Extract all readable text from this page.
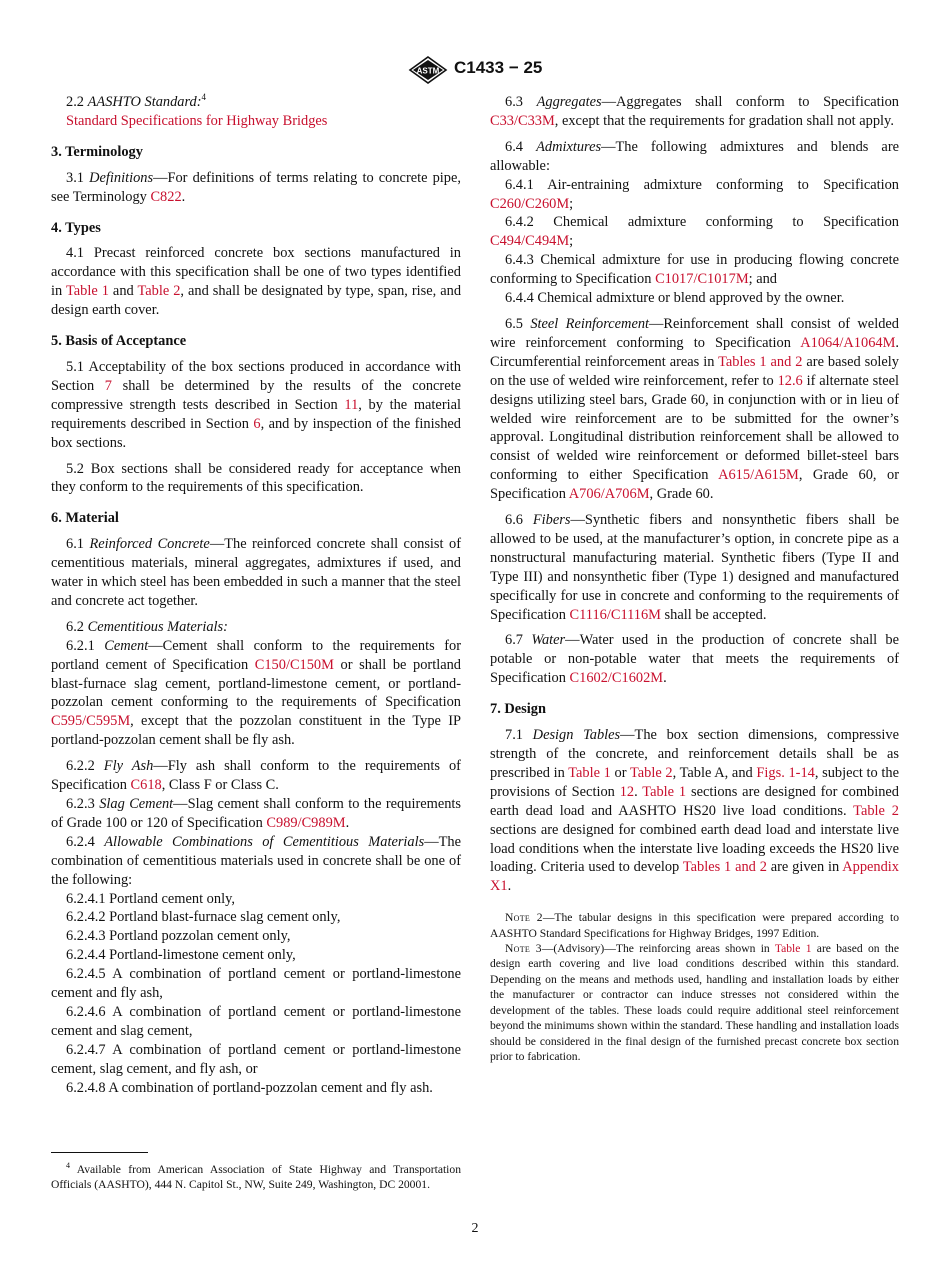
ASTM C1433 − 25

2.2 AASHTO Standard:$^4$

Standard Specifications for Highway Bridges

3. Terminology

3.1 Definitions—For definitions of terms relating to concrete pipe, see Terminology C822.

4. Types

4.1 Precast reinforced concrete box sections manufactured in accordance with this specification shall be one of two types identified in Table 1 and Table 2, and shall be designated by type, span, rise, and design earth cover.

5. Basis of Acceptance

5.1 Acceptability of the box sections produced in accordance with Section 7 shall be determined by the results of the concrete compressive strength tests described in Section 11, by the material requirements described in Section 6, and by inspection of the finished box sections.

5.2 Box sections shall be considered ready for acceptance when they conform to the requirements of this specification.

6. Material

6.1 Reinforced Concrete—The reinforced concrete shall consist of cementitious materials, mineral aggregates, admixtures if used, and water in which steel has been embedded in such a manner that the steel and concrete act together.

6.2 Cementitious Materials:

6.2.1 Cement—Cement shall conform to the requirements for portland cement of Specification C150/C150M or shall be portland blast-furnace slag cement, portland-limestone cement, or portland-pozzolan cement conforming to the requirements of Specification C595/C595M, except that the pozzolan constituent in the Type IP portland-pozzolan cement shall be fly ash.

6.2.2 Fly Ash—Fly ash shall conform to the requirements of Specification C618, Class F or Class C.

6.2.3 Slag Cement—Slag cement shall conform to the requirements of Grade 100 or 120 of Specification C989/C989M.

6.2.4 Allowable Combinations of Cementitious Materials—The combination of cementitious materials used in concrete shall be one of the following:

6.2.4.1 Portland cement only,

6.2.4.2 Portland blast-furnace slag cement only,

6.2.4.3 Portland pozzolan cement only,

6.2.4.4 Portland-limestone cement only,

6.2.4.5 A combination of portland cement or portland-limestone cement and fly ash,

6.2.4.6 A combination of portland cement or portland-limestone cement and slag cement,

6.2.4.7 A combination of portland cement or portland-limestone cement, slag cement, and fly ash, or

6.2.4.8 A combination of portland-pozzolan cement and fly ash.

6.3 Aggregates—Aggregates shall conform to Specification C33/C33M, except that the requirements for gradation shall not apply.

6.4 Admixtures—The following admixtures and blends are allowable:

6.4.1 Air-entraining admixture conforming to Specification C260/C260M;

6.4.2 Chemical admixture conforming to Specification C494/C494M;

6.4.3 Chemical admixture for use in producing flowing concrete conforming to Specification C1017/C1017M; and

6.4.4 Chemical admixture or blend approved by the owner.

6.5 Steel Reinforcement—Reinforcement shall consist of welded wire reinforcement conforming to Specification A1064/A1064M. Circumferential reinforcement areas in Tables 1 and 2 are based solely on the use of welded wire reinforcement, refer to 12.6 if alternate steel designs utilizing steel bars, Grade 60, in conjunction with or in lieu of welded wire reinforcement are to be submitted for the owner’s approval. Longitudinal distribution reinforcement shall be allowed to consist of welded wire reinforcement or deformed billet-steel bars conforming to either Specification A615/A615M, Grade 60, or Specification A706/A706M, Grade 60.

6.6 Fibers—Synthetic fibers and nonsynthetic fibers shall be allowed to be used, at the manufacturer’s option, in concrete pipe as a nonstructural manufacturing material. Synthetic fibers (Type II and Type III) and nonsynthetic fiber (Type 1) designed and manufactured specifically for use in concrete and conforming to the requirements of Specification C1116/C1116M shall be accepted.

6.7 Water—Water used in the production of concrete shall be potable or non-potable water that meets the requirements of Specification C1602/C1602M.

7. Design

7.1 Design Tables—The box section dimensions, compressive strength of the concrete, and reinforcement details shall be as prescribed in Table 1 or Table 2, Table A, and Figs. 1-14, subject to the provisions of Section 12. Table 1 sections are designed for combined earth dead load and AASHTO HS20 live load conditions. Table 2 sections are designed for combined earth dead load and interstate live load conditions when the interstate live loading exceeds the HS20 live loading. Criteria used to develop Tables 1 and 2 are given in Appendix X1.

Note 2—The tabular designs in this specification were prepared according to AASHTO Standard Specifications for Highway Bridges, 1997 Edition.

Note 3—(Advisory)—The reinforcing areas shown in Table 1 are based on the design earth covering and live load conditions described within this standard. Depending on the means and methods used, handling and installation loads by either the manufacturer or contractor can induce stresses not considered within the development of the tables. These loads could require additional steel reinforcement beyond the minimums shown within the standard. These handling and installation loads should be considered in the final design of the furnished precast concrete box section prior to fabrication.

$^4$ Available from American Association of State Highway and Transportation Officials (AASHTO), 444 N. Capitol St., NW, Suite 249, Washington, DC 20001.
2
